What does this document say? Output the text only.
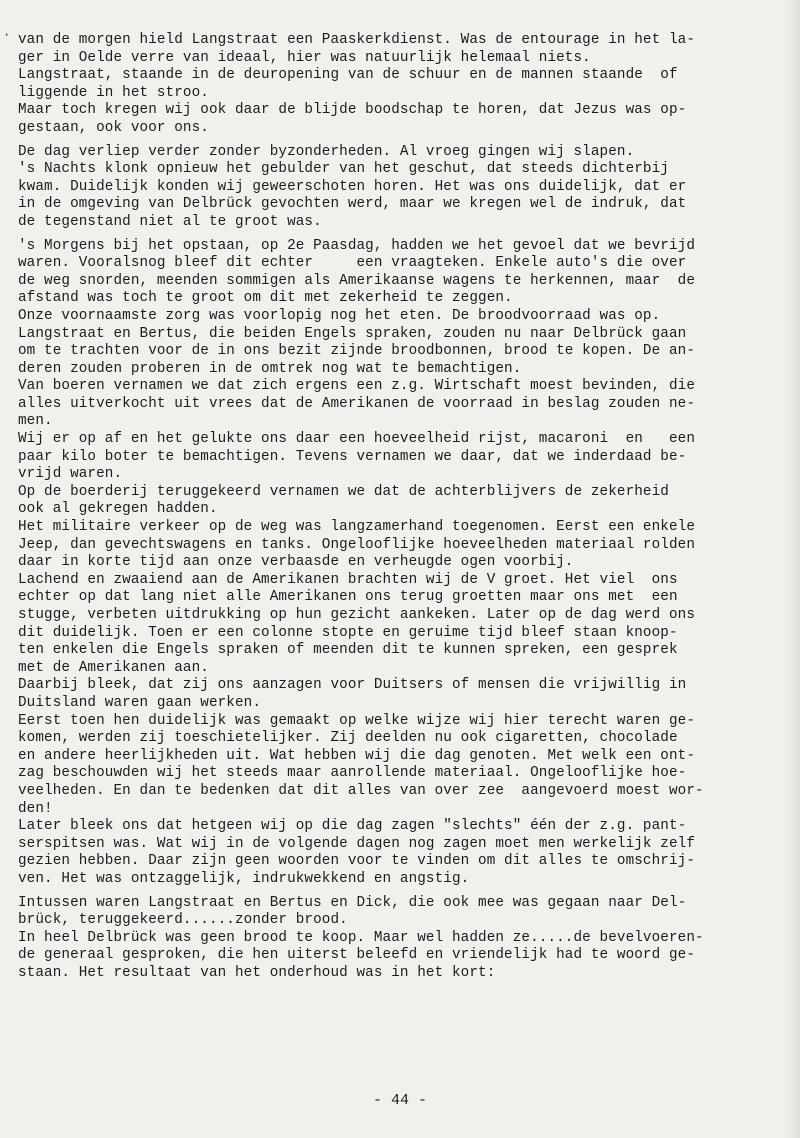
· van de morgen hield Langstraat een Paaskerkdienst. Was de entourage in het la-
ger in Oelde verre van ideaal, hier was natuurlijk helemaal niets.
Langstraat, staande in de deuropening van de schuur en de mannen staande  of
liggende in het stroo.
Maar toch kregen wij ook daar de blijde boodschap te horen, dat Jezus was op-
gestaan, ook voor ons.
De dag verliep verder zonder byzonderheden. Al vroeg gingen wij slapen.
's Nachts klonk opnieuw het gebulder van het geschut, dat steeds dichterbij
kwam. Duidelijk konden wij geweerschoten horen. Het was ons duidelijk, dat er
in de omgeving van Delbrück gevochten werd, maar we kregen wel de indruk, dat
de tegenstand niet al te groot was.
's Morgens bij het opstaan, op 2e Paasdag, hadden we het gevoel dat we bevrijd
waren. Vooralsnog bleef dit echter     een vraagteken. Enkele auto's die over
de weg snorden, meenden sommigen als Amerikaanse wagens te herkennen, maar  de
afstand was toch te groot om dit met zekerheid te zeggen.
Onze voornaamste zorg was voorlopig nog het eten. De broodvoorraad was op.
Langstraat en Bertus, die beiden Engels spraken, zouden nu naar Delbrück gaan
om te trachten voor de in ons bezit zijnde broodbonnen, brood te kopen. De an-
deren zouden proberen in de omtrek nog wat te bemachtigen.
Van boeren vernamen we dat zich ergens een z.g. Wirtschaft moest bevinden, die
alles uitverkocht uit vrees dat de Amerikanen de voorraad in beslag zouden ne-
men.
Wij er op af en het gelukte ons daar een hoeveelheid rijst, macaroni  en   een
paar kilo boter te bemachtigen. Tevens vernamen we daar, dat we inderdaad be-
vrijd waren.
Op de boerderij teruggekeerd vernamen we dat de achterblijvers de zekerheid
ook al gekregen hadden.
Het militaire verkeer op de weg was langzamerhand toegenomen. Eerst een enkele
Jeep, dan gevechtswagens en tanks. Ongelooflijke hoeveelheden materiaal rolden
daar in korte tijd aan onze verbaasde en verheugde ogen voorbij.
Lachend en zwaaiend aan de Amerikanen brachten wij de V groet. Het viel  ons
echter op dat lang niet alle Amerikanen ons terug groetten maar ons met  een
stugge, verbeten uitdrukking op hun gezicht aankeken. Later op de dag werd ons
dit duidelijk. Toen er een colonne stopte en geruime tijd bleef staan knoop-
ten enkelen die Engels spraken of meenden dit te kunnen spreken, een gesprek
met de Amerikanen aan.
Daarbij bleek, dat zij ons aanzagen voor Duitsers of mensen die vrijwillig in
Duitsland waren gaan werken.
Eerst toen hen duidelijk was gemaakt op welke wijze wij hier terecht waren ge-
komen, werden zij toeschietelijker. Zij deelden nu ook cigaretten, chocolade
en andere heerlijkheden uit. Wat hebben wij die dag genoten. Met welk een ont-
zag beschouwden wij het steeds maar aanrollende materiaal. Ongelooflijke hoe-
veelheden. En dan te bedenken dat dit alles van over zee  aangevoerd moest wor-
den!
Later bleek ons dat hetgeen wij op die dag zagen "slechts" één der z.g. pant-
serspitsen was. Wat wij in de volgende dagen nog zagen moet men werkelijk zelf
gezien hebben. Daar zijn geen woorden voor te vinden om dit alles te omschrij-
ven. Het was ontzaggelijk, indrukwekkend en angstig.
Intussen waren Langstraat en Bertus en Dick, die ook mee was gegaan naar Del-
brück, teruggekeerd......zonder brood.
In heel Delbrück was geen brood te koop. Maar wel hadden ze.....de bevelvoeren-
de generaal gesproken, die hen uiterst beleefd en vriendelijk had te woord ge-
staan. Het resultaat van het onderhoud was in het kort:
- 44 -
